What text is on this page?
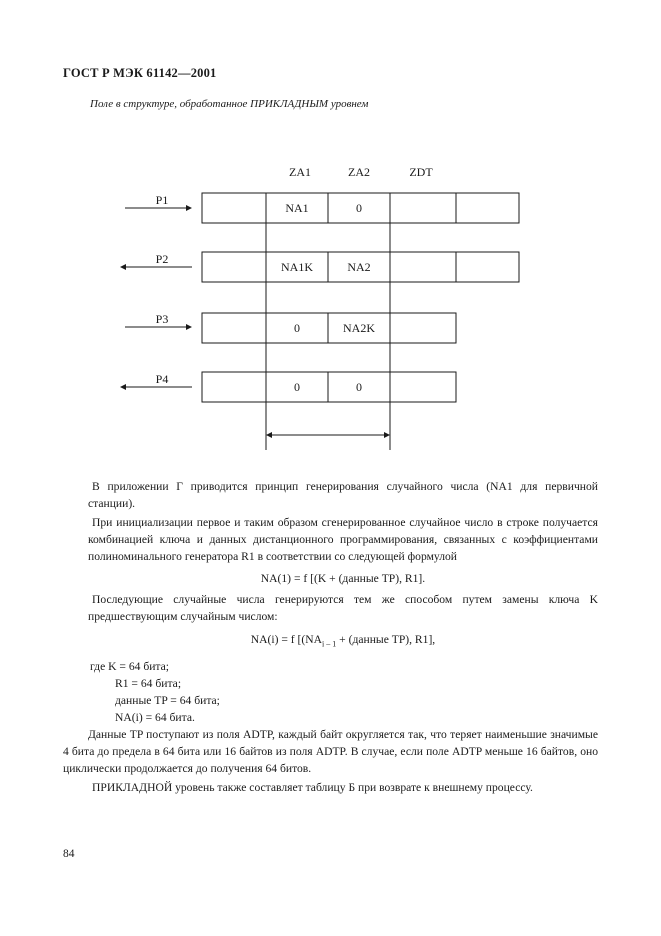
ГОСТ Р МЭК 61142—2001
Поле в структуре, обработанное ПРИКЛАДНЫМ уровнем
ZA1	ZA2	ZDT
NA1	0
P1
NA1K	NA2
P2
0	NA2K
P3
0	0
P4

В приложении Г приводится принцип генерирования случайного числа (NA1 для первичной станции).

При инициализации первое и таким образом сгенерированное случайное число в строке получается комбинацией ключа и данных дистанционного программирования, связанных с коэффициентами полиноминального генератора R1 в соответствии со следующей формулой

NA(1) = f [(K + (данные TP), R1].

Последующие случайные числа генерируются тем же способом путем замены ключа K предшествующим случайным числом:

NA(i) = f [($NA_{i - 1}$ + (данные TP), R1],

где K = 64 бита;
R1 = 64 бита;
данные TP = 64 бита;
NA(i) = 64 бита.

Данные TP поступают из поля ADTP, каждый байт округляется так, что теряет наименьшие значимые 4 бита до предела в 64 бита или 16 байтов из поля ADTP. В случае, если поле ADTP меньше 16 байтов, оно циклически продолжается до получения 64 битов.

ПРИКЛАДНОЙ уровень также составляет таблицу Б при возврате к внешнему процессу.

84
